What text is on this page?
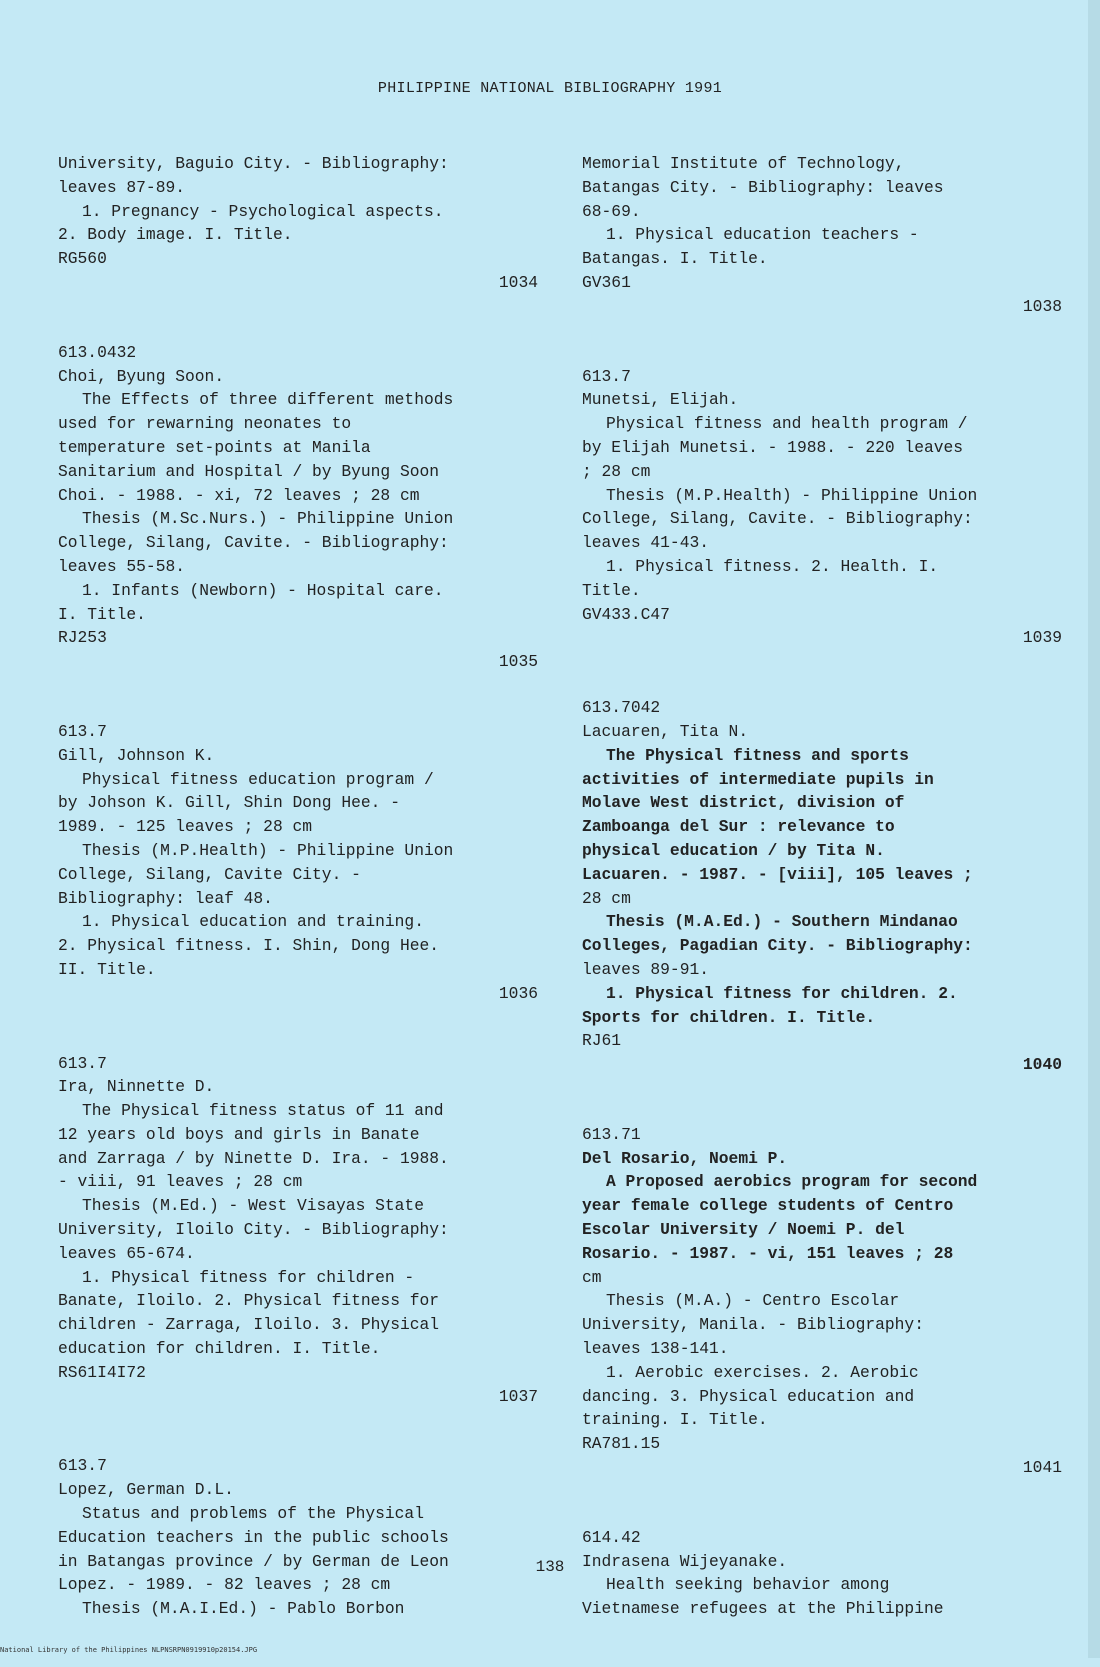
PHILIPPINE NATIONAL BIBLIOGRAPHY 1991
University, Baguio City. - Bibliography:
leaves 87-89.
1. Pregnancy - Psychological aspects.
2. Body image. I. Title.
RG560
1034
613.0432
Choi, Byung Soon.
The Effects of three different methods
used for rewarning neonates to
temperature set-points at Manila
Sanitarium and Hospital / by Byung Soon
Choi. - 1988. - xi, 72 leaves ; 28 cm
Thesis (M.Sc.Nurs.) - Philippine Union
College, Silang, Cavite. - Bibliography:
leaves 55-58.
1. Infants (Newborn) - Hospital care.
I. Title.
RJ253
1035
613.7
Gill, Johnson K.
Physical fitness education program /
by Johson K. Gill, Shin Dong Hee. -
1989. - 125 leaves ; 28 cm
Thesis (M.P.Health) - Philippine Union
College, Silang, Cavite City. -
Bibliography: leaf 48.
1. Physical education and training.
2. Physical fitness. I. Shin, Dong Hee.
II. Title.
1036
613.7
Ira, Ninnette D.
The Physical fitness status of 11 and
12 years old boys and girls in Banate
and Zarraga / by Ninette D. Ira. - 1988.
- viii, 91 leaves ; 28 cm
Thesis (M.Ed.) - West Visayas State
University, Iloilo City. - Bibliography:
leaves 65-674.
1. Physical fitness for children -
Banate, Iloilo. 2. Physical fitness for
children - Zarraga, Iloilo. 3. Physical
education for children. I. Title.
RS61I4I72
1037
613.7
Lopez, German D.L.
Status and problems of the Physical
Education teachers in the public schools
in Batangas province / by German de Leon
Lopez. - 1989. - 82 leaves ; 28 cm
Thesis (M.A.I.Ed.) - Pablo Borbon
Memorial Institute of Technology,
Batangas City. - Bibliography: leaves
68-69.
1. Physical education teachers -
Batangas. I. Title.
GV361
1038
613.7
Munetsi, Elijah.
Physical fitness and health program /
by Elijah Munetsi. - 1988. - 220 leaves
; 28 cm
Thesis (M.P.Health) - Philippine Union
College, Silang, Cavite. - Bibliography:
leaves 41-43.
1. Physical fitness. 2. Health. I.
Title.
GV433.C47
1039
613.7042
Lacuaren, Tita N.
The Physical fitness and sports
activities of intermediate pupils in
Molave West district, division of
Zamboanga del Sur : relevance to
physical education / by Tita N.
Lacuaren. - 1987. - [viii], 105 leaves ;
28 cm
Thesis (M.A.Ed.) - Southern Mindanao
Colleges, Pagadian City. - Bibliography:
leaves 89-91.
1. Physical fitness for children. 2.
Sports for children. I. Title.
RJ61
1040
613.71
Del Rosario, Noemi P.
A Proposed aerobics program for second
year female college students of Centro
Escolar University / Noemi P. del
Rosario. - 1987. - vi, 151 leaves ; 28
cm
Thesis (M.A.) - Centro Escolar
University, Manila. - Bibliography:
leaves 138-141.
1. Aerobic exercises. 2. Aerobic
dancing. 3. Physical education and
training. I. Title.
RA781.15
1041
614.42
Indrasena Wijeyanake.
Health seeking behavior among
Vietnamese refugees at the Philippine
138
National Library of the Philippines NLPNSRPN0919910p20154.JPG
